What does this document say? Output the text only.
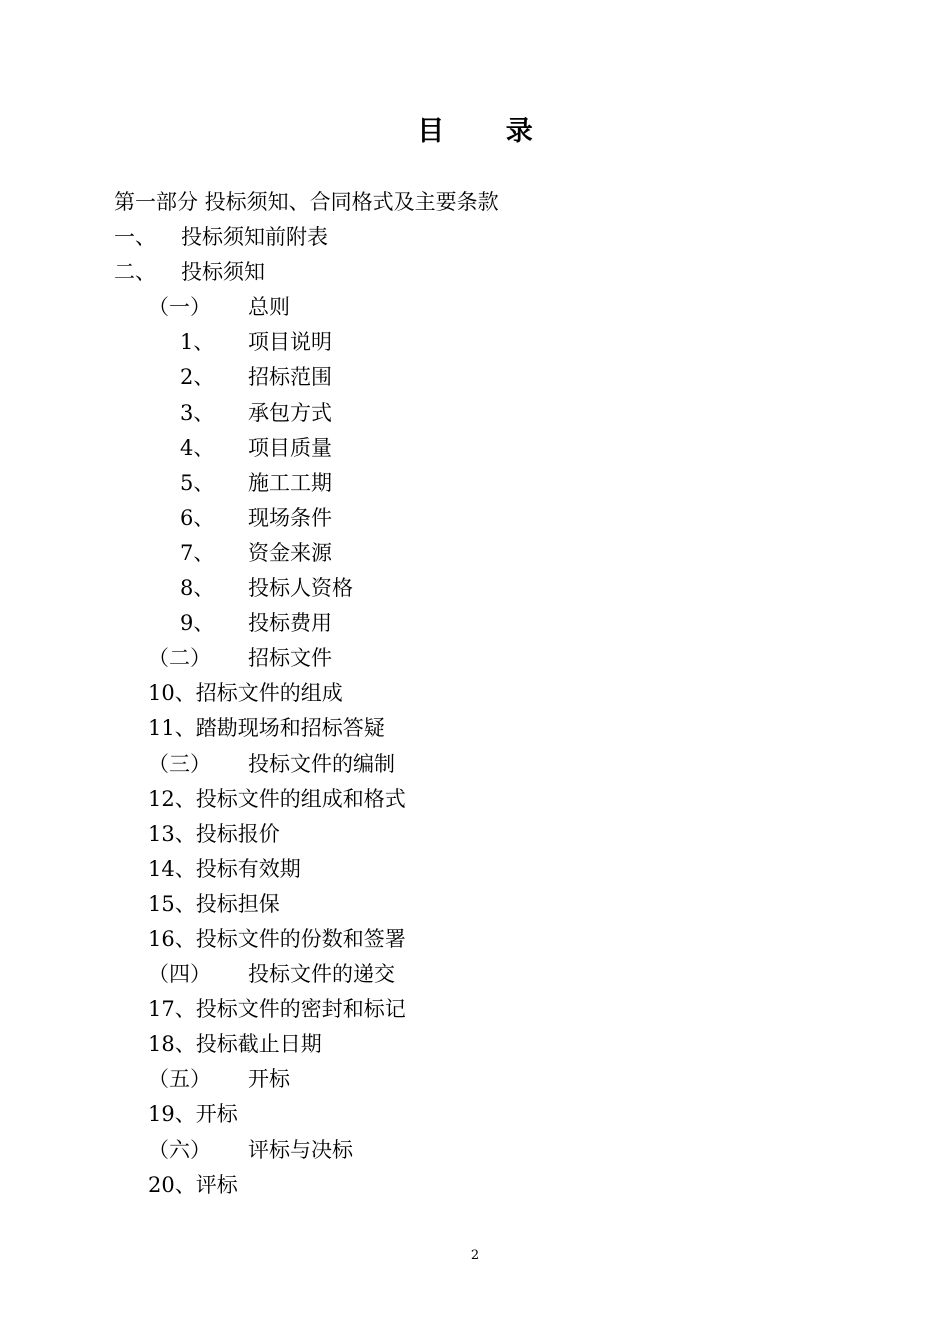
目 录
第一部分 投标须知、合同格式及主要条款
一、 投标须知前附表
二、 投标须知
（一） 总则
1、 项目说明
2、 招标范围
3、 承包方式
4、 项目质量
5、 施工工期
6、 现场条件
7、 资金来源
8、 投标人资格
9、 投标费用
（二） 招标文件
10、招标文件的组成
11、踏勘现场和招标答疑
（三） 投标文件的编制
12、投标文件的组成和格式
13、投标报价
14、投标有效期
15、投标担保
16、投标文件的份数和签署
（四） 投标文件的递交
17、投标文件的密封和标记
18、投标截止日期
（五） 开标
19、开标
（六） 评标与决标
20、评标
2
